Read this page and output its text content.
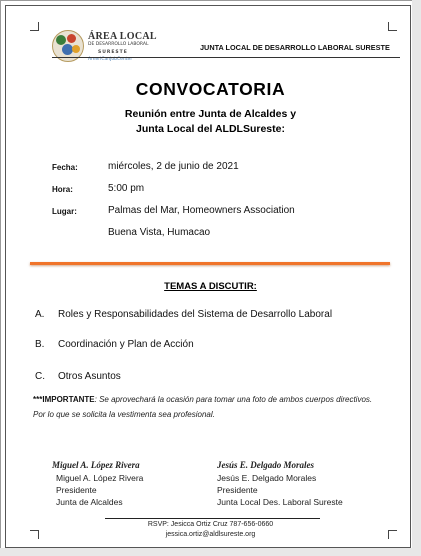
ÁREA LOCAL
DE DESARROLLO LABORAL
SURESTE
AmeriCanJobCenter
JUNTA LOCAL DE DESARROLLO LABORAL SURESTE
CONVOCATORIA
Reunión entre Junta de Alcaldes y
Junta Local del ALDLSureste:
Fecha:	miércoles, 2 de junio de 2021
Hora:	5:00 pm
Lugar:	Palmas del Mar, Homeowners Association
Buena Vista, Humacao
TEMAS A DISCUTIR:
A. Roles y Responsabilidades del Sistema de Desarrollo Laboral
B. Coordinación y Plan de Acción
C. Otros Asuntos
***IMPORTANTE: Se aprovechará la ocasión para tomar una foto de ambos cuerpos directivos. Por lo que se solicita la vestimenta sea profesional.
Miguel A. López Rivera
Miguel A. López Rivera
Presidente
Junta de Alcaldes
Jesús E. Delgado Morales
Jesús E. Delgado Morales
Presidente
Junta Local Des. Laboral Sureste
RSVP: Jesicca Ortiz Cruz 787-656-0660
jessica.ortiz@aldlsureste.org
